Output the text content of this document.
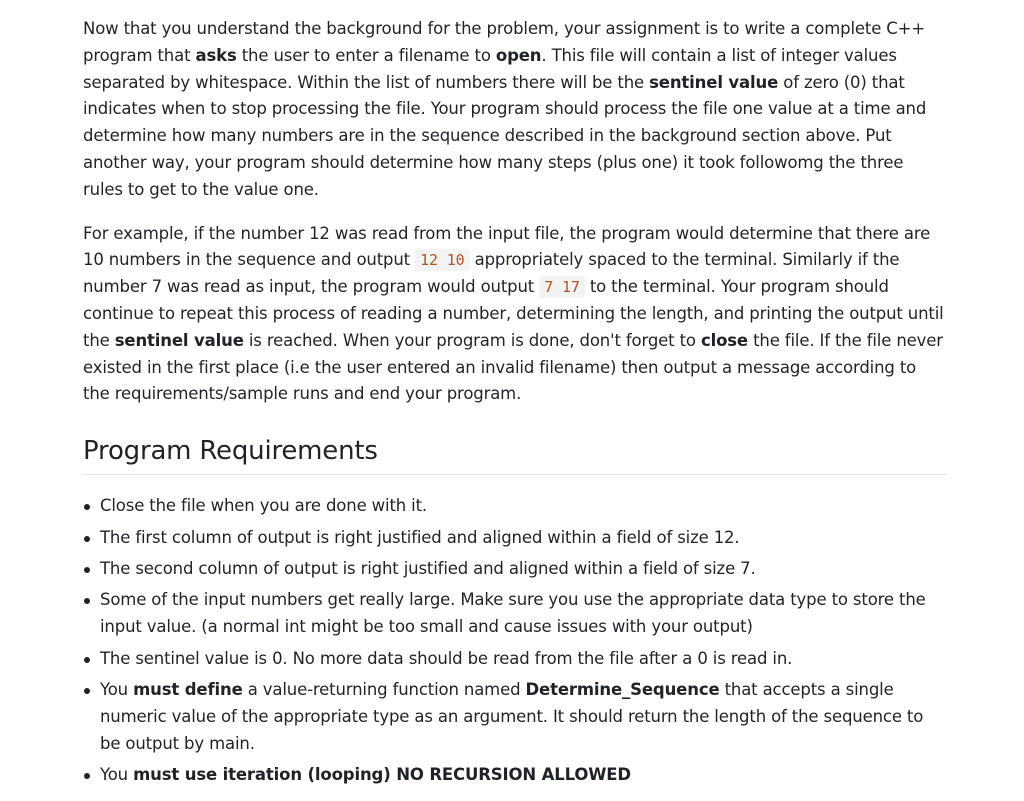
Now that you understand the background for the problem, your assignment is to write a complete C++ program that asks the user to enter a filename to open. This file will contain a list of integer values separated by whitespace. Within the list of numbers there will be the sentinel value of zero (0) that indicates when to stop processing the file. Your program should process the file one value at a time and determine how many numbers are in the sequence described in the background section above. Put another way, your program should determine how many steps (plus one) it took followomg the three rules to get to the value one.

For example, if the number 12 was read from the input file, the program would determine that there are 10 numbers in the sequence and output 12 10 appropriately spaced to the terminal. Similarly if the number 7 was read as input, the program would output 7 17 to the terminal. Your program should continue to repeat this process of reading a number, determining the length, and printing the output until the sentinel value is reached. When your program is done, don't forget to close the file. If the file never existed in the first place (i.e the user entered an invalid filename) then output a message according to the requirements/sample runs and end your program.

Program Requirements
Close the file when you are done with it.
The first column of output is right justified and aligned within a field of size 12.
The second column of output is right justified and aligned within a field of size 7.
Some of the input numbers get really large. Make sure you use the appropriate data type to store the input value. (a normal int might be too small and cause issues with your output)
The sentinel value is 0. No more data should be read from the file after a 0 is read in.
You must define a value-returning function named Determine_Sequence that accepts a single numeric value of the appropriate type as an argument. It should return the length of the sequence to be output by main.
You must use iteration (looping) NO RECURSION ALLOWED
